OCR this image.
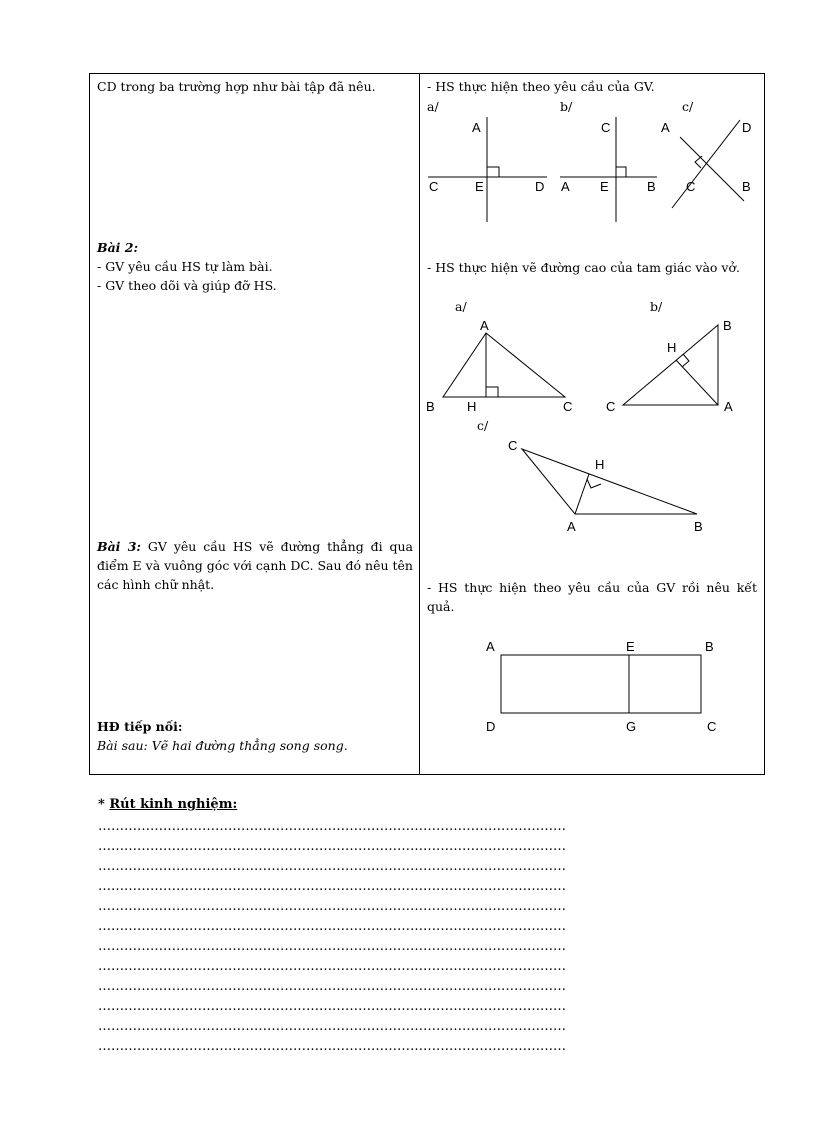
CD trong ba trường hợp như bài tập đã nêu.
Bài 2:
- GV yêu cầu HS tự làm bài.
- GV theo dõi và giúp đỡ HS.
Bài 3: GV yêu cầu HS vẽ đường thẳng đi qua điểm E và vuông góc với cạnh DC. Sau đó nêu tên các hình chữ nhật.
HĐ tiếp nối:
Bài sau: Vẽ hai đường thẳng song song.
- HS thực hiện theo yêu cầu của GV.
a/	b/	c/
A
C	E	D
C
A E	B
A	D
C	B
- HS thực hiện vẽ đường cao của tam giác vào vở.
a/	b/
c/
A
B H	C
B
H
C	A
C
H
A	B
- HS thực hiện theo yêu cầu của GV rồi nêu kết quả.
A	E	B
D	G	C
* Rút kinh nghiệm:
………………………………………………………………………………………………
………………………………………………………………………………………………
………………………………………………………………………………………………
………………………………………………………………………………………………
………………………………………………………………………………………………
………………………………………………………………………………………………
………………………………………………………………………………………………
………………………………………………………………………………………………
………………………………………………………………………………………………
………………………………………………………………………………………………
………………………………………………………………………………………………
………………………………………………………………………………………………
